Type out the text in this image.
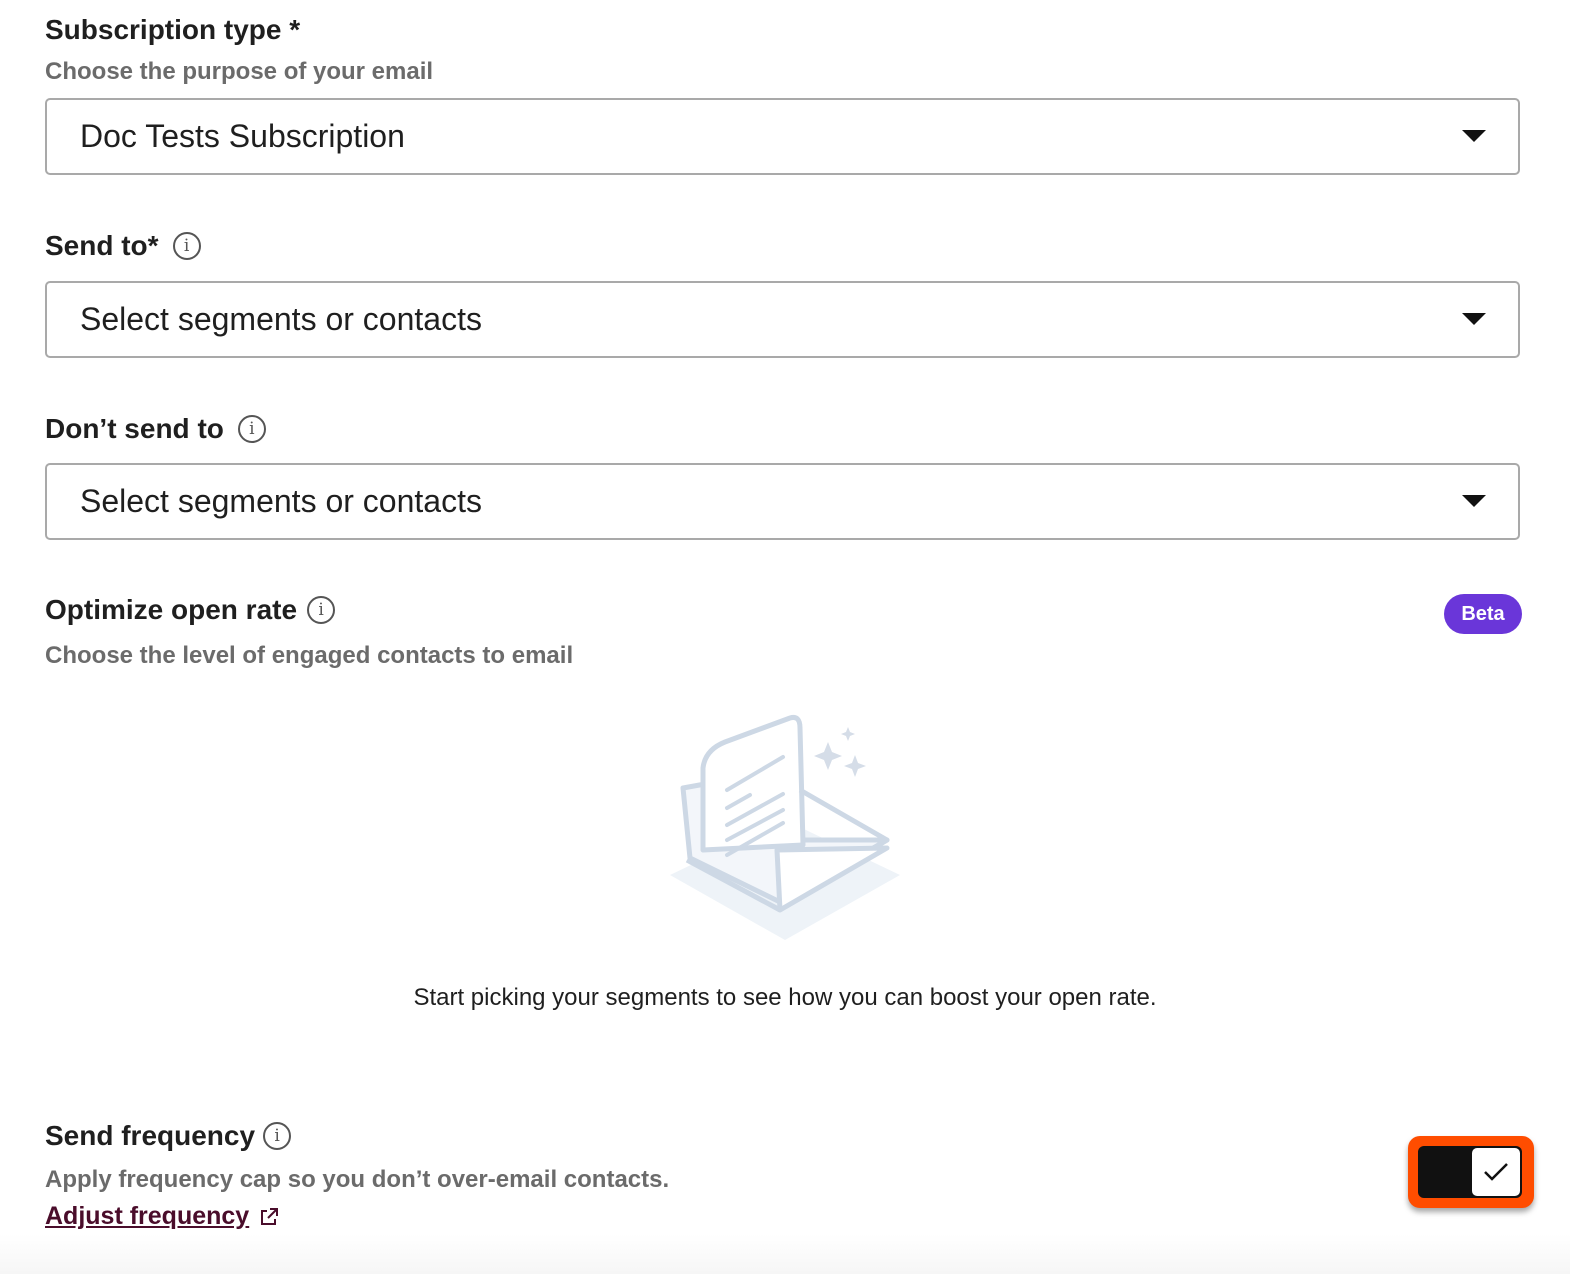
Subscription type *
Choose the purpose of your email
Doc Tests Subscription
Send to*	i
Select segments or contacts
Don’t send to	i
Select segments or contacts
Optimize open rate	i	Beta
Choose the level of engaged contacts to email
Start picking your segments to see how you can boost your open rate.
Send frequency	i
Apply frequency cap so you don’t over-email contacts.
Adjust frequency
